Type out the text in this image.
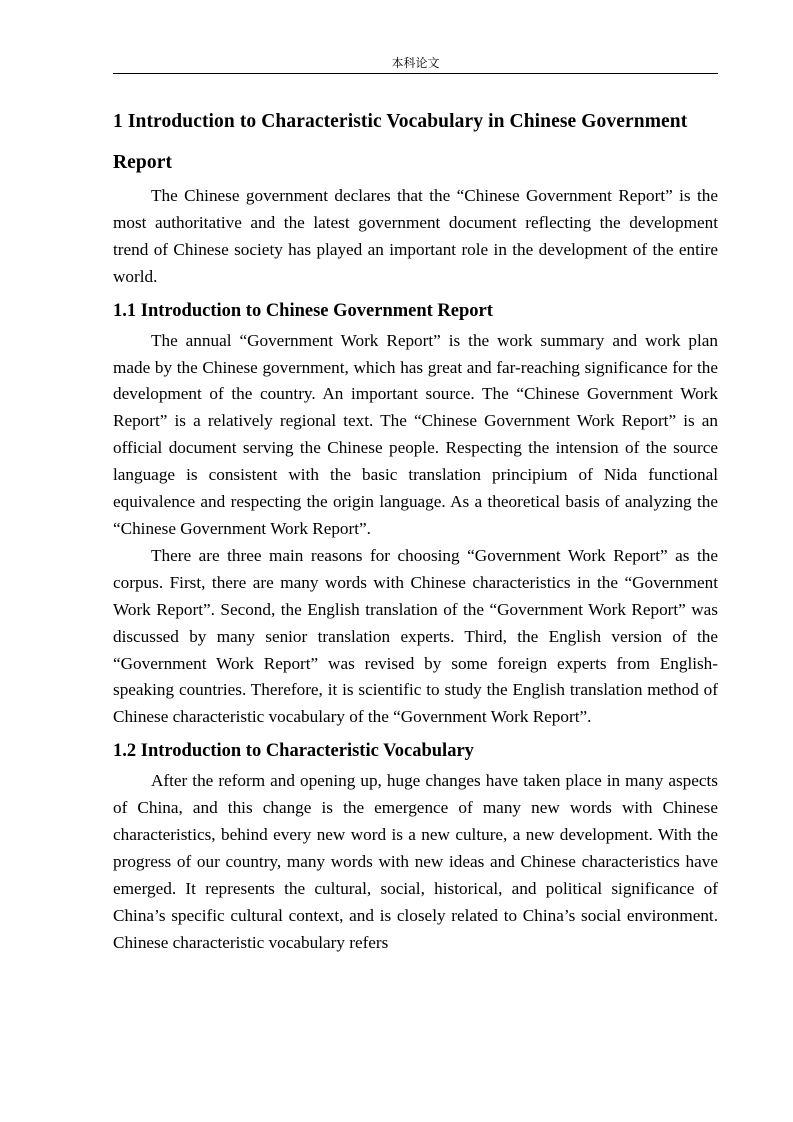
本科论文
1 Introduction to Characteristic Vocabulary in Chinese Government Report

The Chinese government declares that the “Chinese Government Report” is the most authoritative and the latest government document reflecting the development trend of Chinese society has played an important role in the development of the entire world.

1.1 Introduction to Chinese Government Report

The annual “Government Work Report” is the work summary and work plan made by the Chinese government, which has great and far-reaching significance for the development of the country. An important source. The “Chinese Government Work Report” is a relatively regional text. The “Chinese Government Work Report” is an official document serving the Chinese people. Respecting the intension of the source language is consistent with the basic translation principium of Nida functional equivalence and respecting the origin language. As a theoretical basis of analyzing the “Chinese Government Work Report”.

There are three main reasons for choosing “Government Work Report” as the corpus. First, there are many words with Chinese characteristics in the “Government Work Report”. Second, the English translation of the “Government Work Report” was discussed by many senior translation experts. Third, the English version of the “Government Work Report” was revised by some foreign experts from English-speaking countries. Therefore, it is scientific to study the English translation method of Chinese characteristic vocabulary of the “Government Work Report”.

1.2 Introduction to Characteristic Vocabulary

After the reform and opening up, huge changes have taken place in many aspects of China, and this change is the emergence of many new words with Chinese characteristics, behind every new word is a new culture, a new development. With the progress of our country, many words with new ideas and Chinese characteristics have emerged. It represents the cultural, social, historical, and political significance of China’s specific cultural context, and is closely related to China’s social environment. Chinese characteristic vocabulary refers
